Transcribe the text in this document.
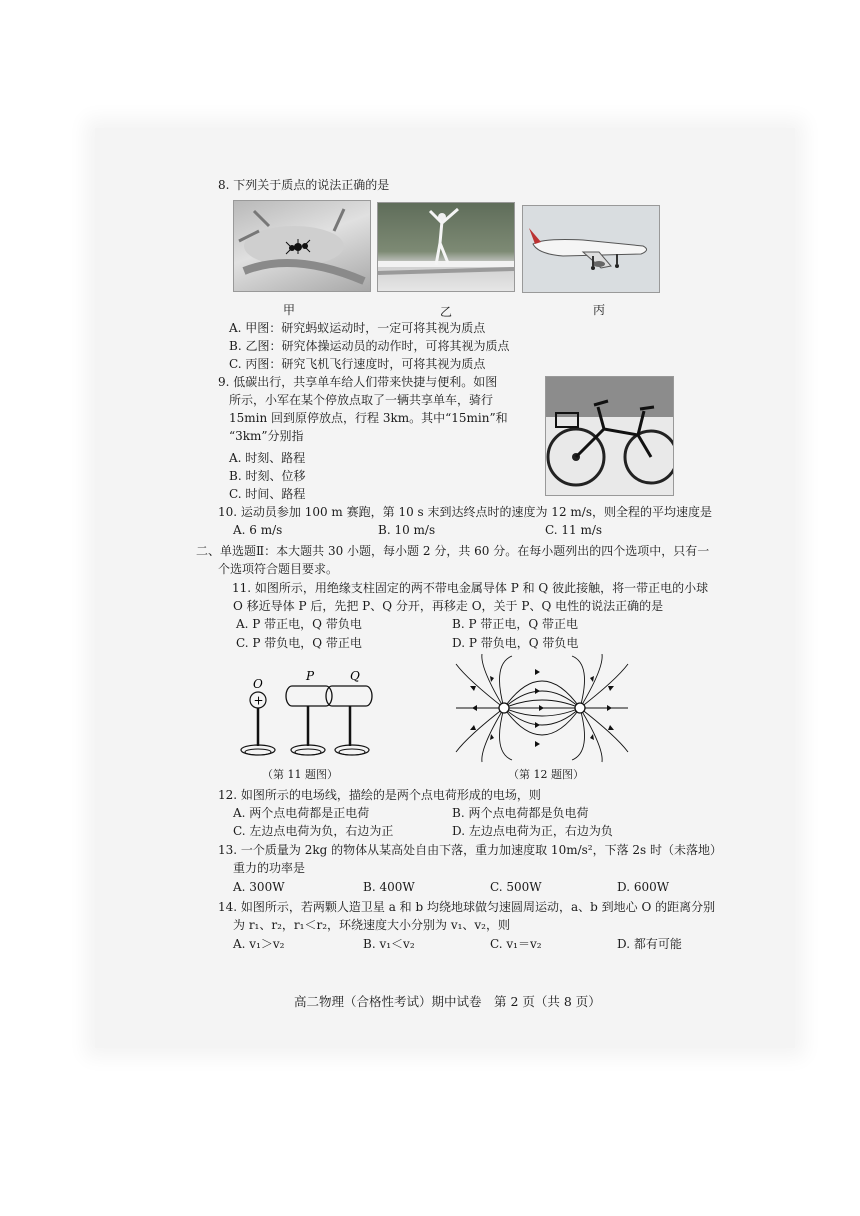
8. 下列关于质点的说法正确的是
甲	乙	丙
A. 甲图：研究蚂蚁运动时，一定可将其视为质点
B. 乙图：研究体操运动员的动作时，可将其视为质点
C. 丙图：研究飞机飞行速度时，可将其视为质点
9. 低碳出行，共享单车给人们带来快捷与便利。如图
所示，小军在某个停放点取了一辆共享单车，骑行
15min 回到原停放点，行程 3km。其中“15min”和
“3km”分别指
A. 时刻、路程
B. 时刻、位移
C. 时间、路程
10. 运动员参加 100 m 赛跑，第 10 s 末到达终点时的速度为 12 m/s，则全程的平均速度是
A. 6 m/s	B. 10 m/s	C. 11 m/s
二、单选题Ⅱ：本大题共 30 小题，每小题 2 分，共 60 分。在每小题列出的四个选项中，只有一
个选项符合题目要求。
11. 如图所示，用绝缘支柱固定的两不带电金属导体 P 和 Q 彼此接触，将一带正电的小球
O 移近导体 P 后，先把 P、Q 分开，再移走 O，关于 P、Q 电性的说法正确的是
A. P 带正电，Q 带负电	B. P 带正电，Q 带正电
C. P 带负电，Q 带正电	D. P 带负电，Q 带负电
O
+
P	Q
（第 11 题图）	（第 12 题图）
12. 如图所示的电场线，描绘的是两个点电荷形成的电场，则
A. 两个点电荷都是正电荷	B. 两个点电荷都是负电荷
C. 左边点电荷为负，右边为正	D. 左边点电荷为正，右边为负
13. 一个质量为 2kg 的物体从某高处自由下落，重力加速度取 10m/s²，下落 2s 时（未落地）
重力的功率是
A. 300W	B. 400W	C. 500W	D. 600W
14. 如图所示，若两颗人造卫星 a 和 b 均绕地球做匀速圆周运动，a、b 到地心 O 的距离分别
为 r₁、r₂，r₁＜r₂，环绕速度大小分别为 v₁、v₂，则
A. v₁＞v₂	B. v₁＜v₂	C. v₁＝v₂	D. 都有可能
高二物理（合格性考试）期中试卷　第 2 页（共 8 页）
